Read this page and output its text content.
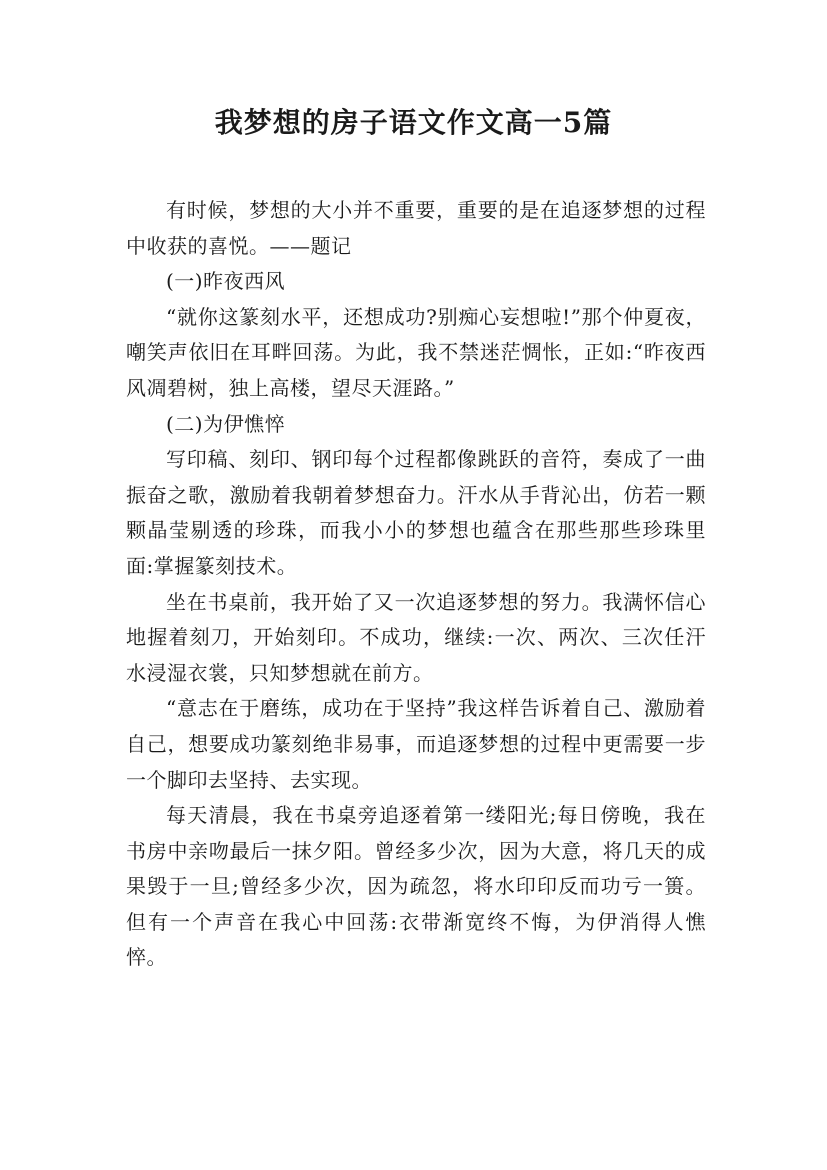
我梦想的房子语文作文高一5篇

有时候，梦想的大小并不重要，重要的是在追逐梦想的过程中收获的喜悦。——题记

(一)昨夜西风

“就你这篆刻水平，还想成功?别痴心妄想啦!”那个仲夏夜，嘲笑声依旧在耳畔回荡。为此，我不禁迷茫惆怅，正如:“昨夜西风凋碧树，独上高楼，望尽天涯路。”

(二)为伊憔悴

写印稿、刻印、钢印每个过程都像跳跃的音符，奏成了一曲振奋之歌，激励着我朝着梦想奋力。汗水从手背沁出，仿若一颗颗晶莹剔透的珍珠，而我小小的梦想也蕴含在那些那些珍珠里面:掌握篆刻技术。

坐在书桌前，我开始了又一次追逐梦想的努力。我满怀信心地握着刻刀，开始刻印。不成功，继续:一次、两次、三次任汗水浸湿衣裳，只知梦想就在前方。

“意志在于磨练，成功在于坚持”我这样告诉着自己、激励着自己，想要成功篆刻绝非易事，而追逐梦想的过程中更需要一步一个脚印去坚持、去实现。

每天清晨，我在书桌旁追逐着第一缕阳光;每日傍晚，我在书房中亲吻最后一抹夕阳。曾经多少次，因为大意，将几天的成果毁于一旦;曾经多少次，因为疏忽，将水印印反而功亏一篑。但有一个声音在我心中回荡:衣带渐宽终不悔，为伊消得人憔悴。
